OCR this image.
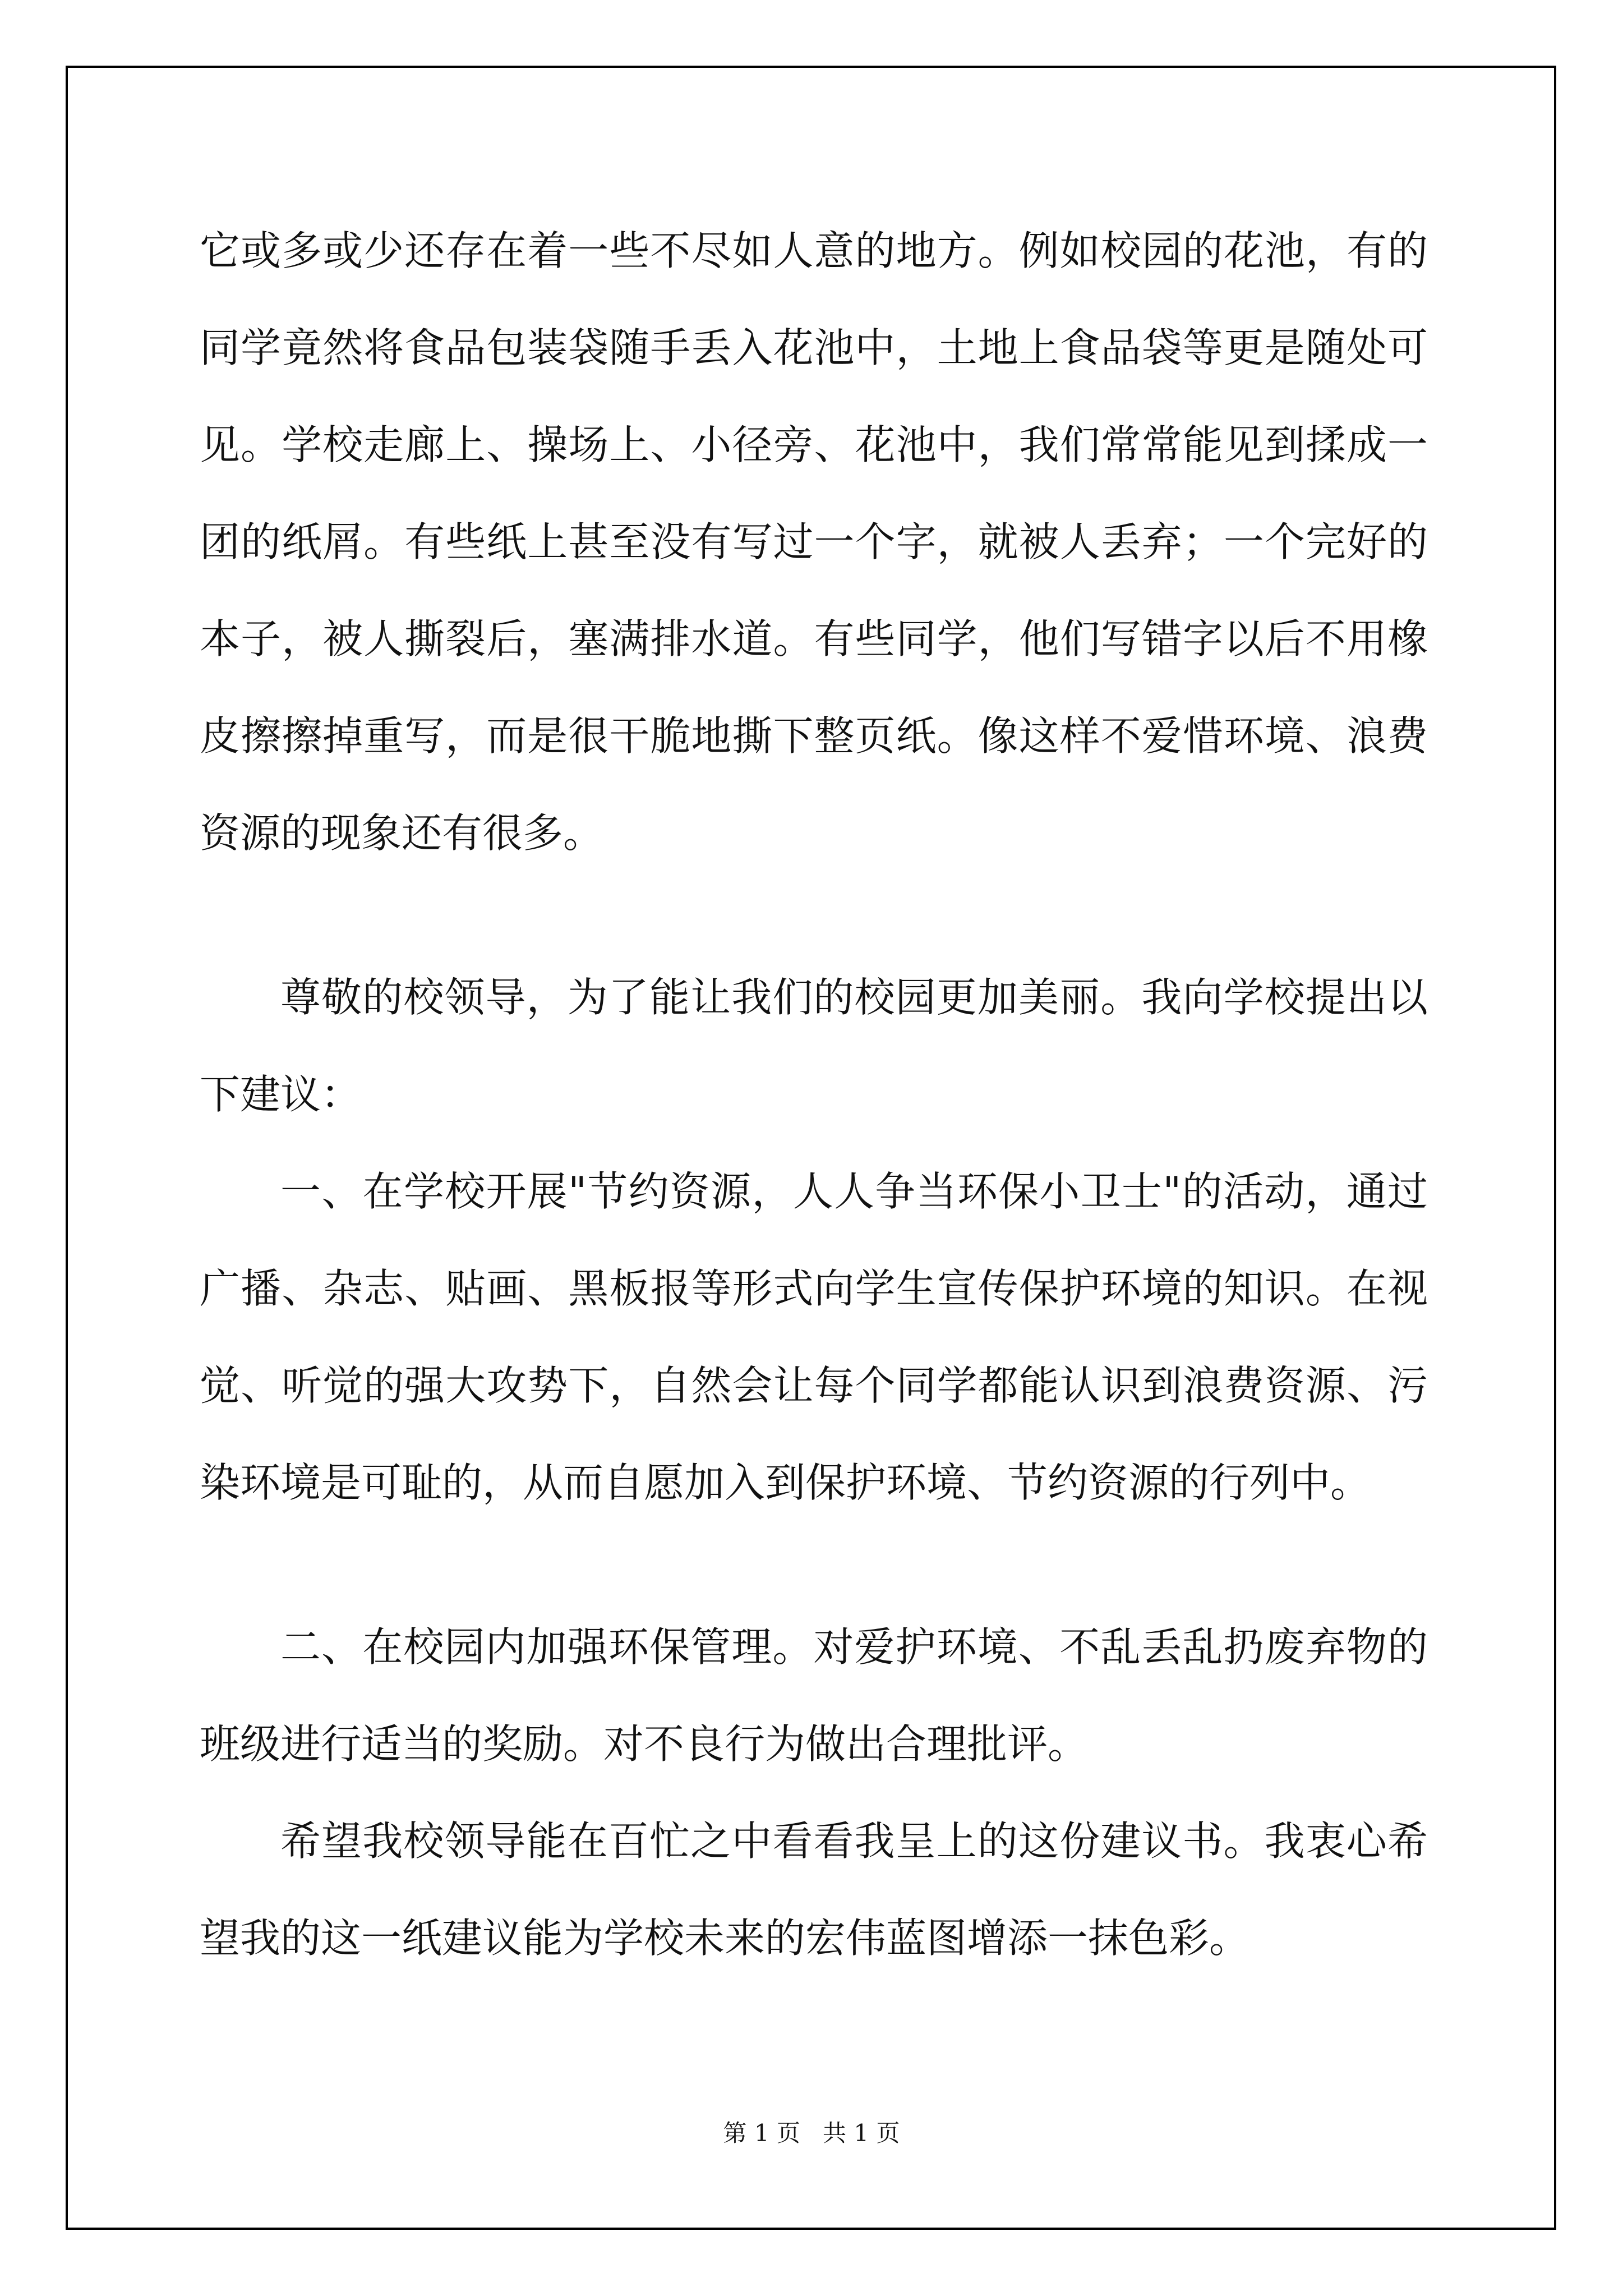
它或多或少还存在着一些不尽如人意的地方。例如校园的花池，有的
同学竟然将食品包装袋随手丢入花池中，土地上食品袋等更是随处可
见。学校走廊上、操场上、小径旁、花池中，我们常常能见到揉成一
团的纸屑。有些纸上甚至没有写过一个字，就被人丢弃；一个完好的
本子，被人撕裂后，塞满排水道。有些同学，他们写错字以后不用橡
皮擦擦掉重写，而是很干脆地撕下整页纸。像这样不爱惜环境、浪费
资源的现象还有很多。
尊敬的校领导，为了能让我们的校园更加美丽。我向学校提出以
下建议：
一、在学校开展"节约资源，人人争当环保小卫士"的活动，通过
广播、杂志、贴画、黑板报等形式向学生宣传保护环境的知识。在视
觉、听觉的强大攻势下，自然会让每个同学都能认识到浪费资源、污
染环境是可耻的，从而自愿加入到保护环境、节约资源的行列中。
二、在校园内加强环保管理。对爱护环境、不乱丢乱扔废弃物的
班级进行适当的奖励。对不良行为做出合理批评。
希望我校领导能在百忙之中看看我呈上的这份建议书。我衷心希
望我的这一纸建议能为学校未来的宏伟蓝图增添一抹色彩。
第 1 页   共 1 页
